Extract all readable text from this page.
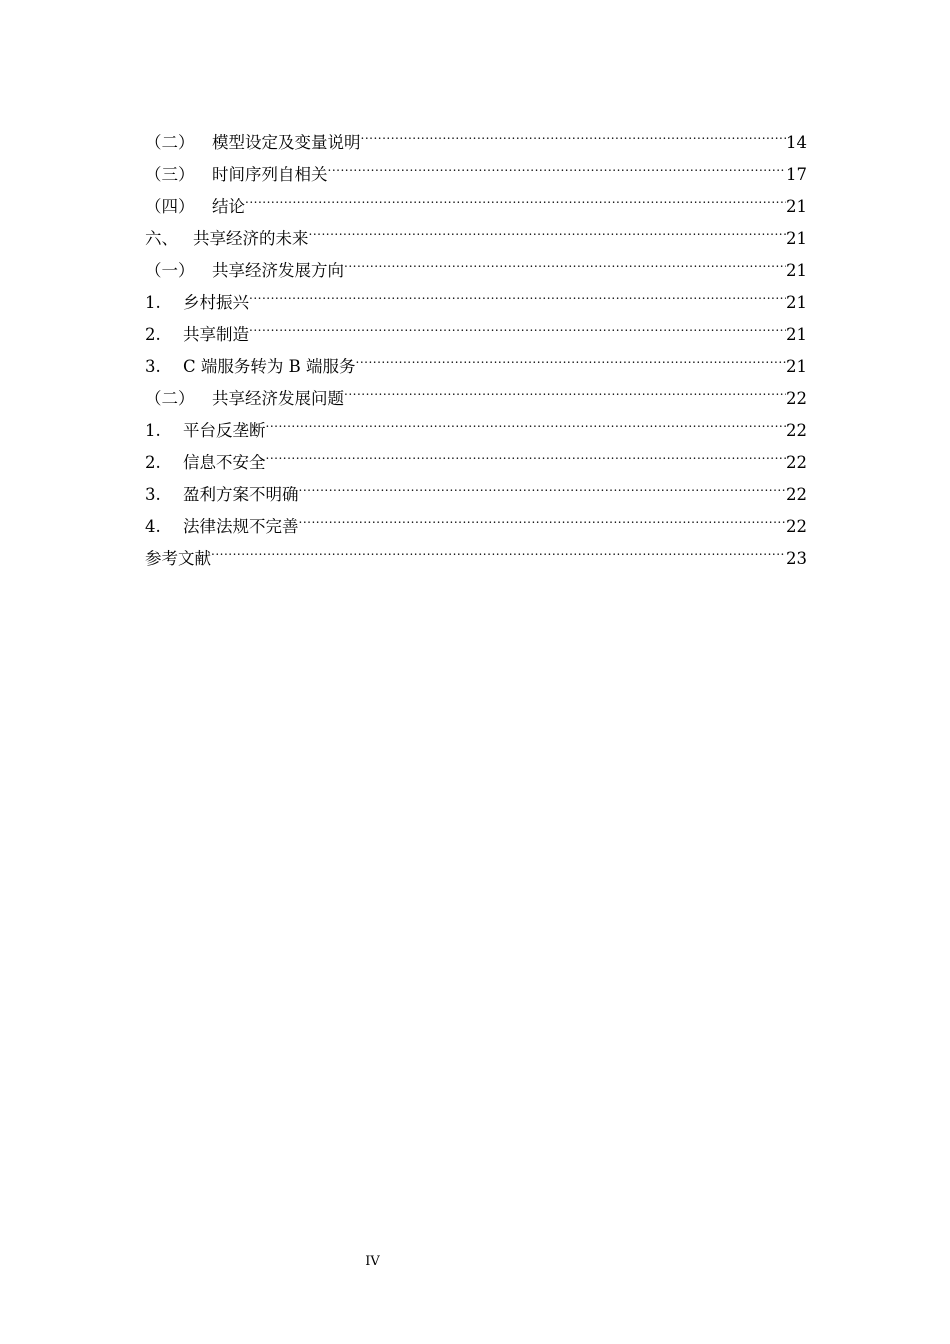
（二）	模型设定及变量说明 .....	14
（三）	时间序列自相关 .....	17
（四）	结论 .....	21
六、 共享经济的未来 .....	21
（一）	共享经济发展方向 .....	21
1.	乡村振兴 .....	21
2.	共享制造 .....	21
3.	C 端服务转为 B 端服务 .....	21
（二）	共享经济发展问题 .....	22
1.	平台反垄断 .....	22
2.	信息不安全 .....	22
3.	盈利方案不明确 .....	22
4.	法律法规不完善 .....	22
参考文献 .....	23
IV
